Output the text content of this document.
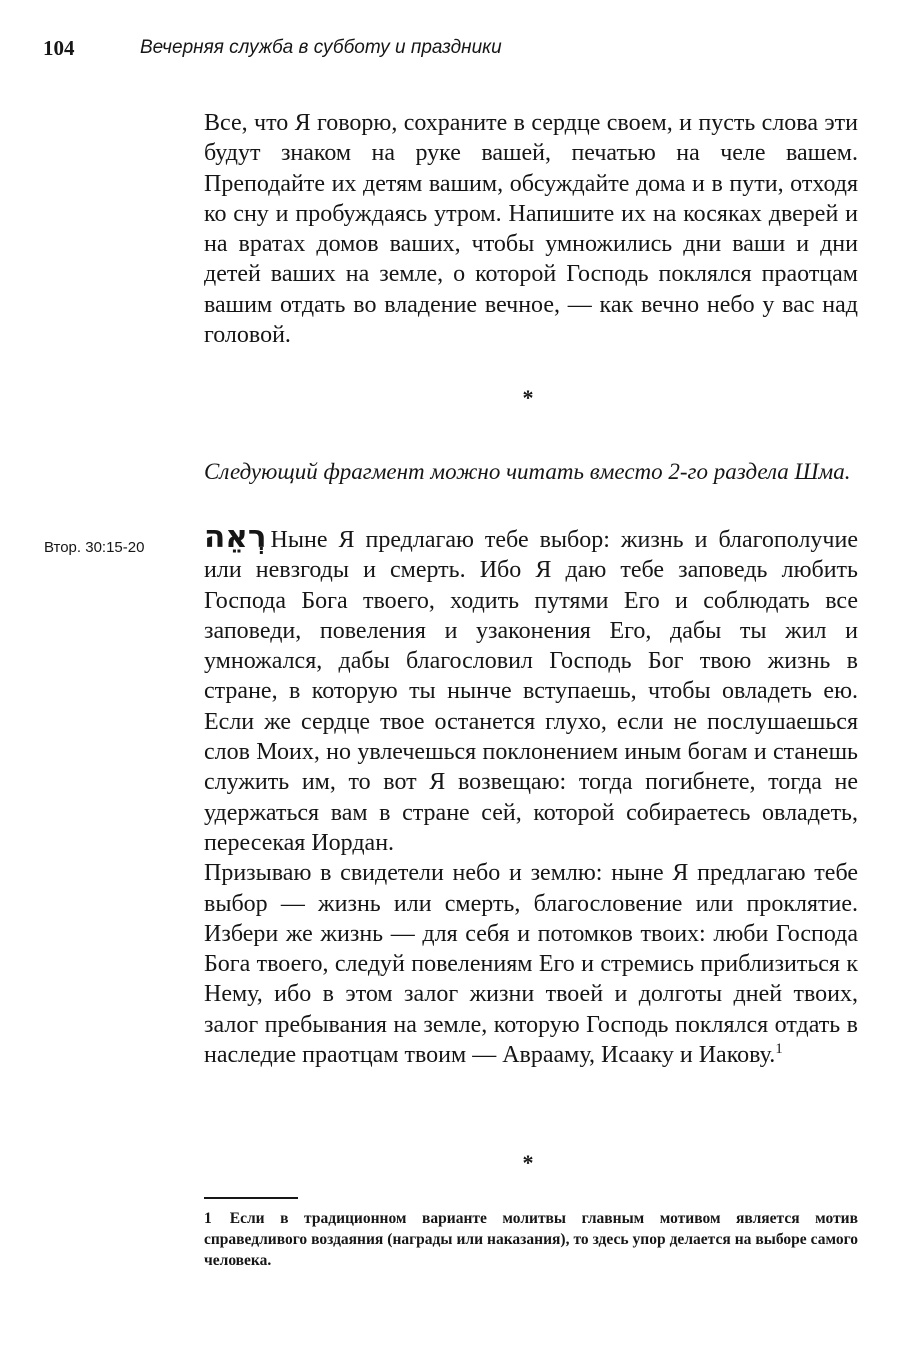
104	Вечерняя служба в субботу и праздники

Все, что Я говорю, сохраните в сердце своем, и пусть слова эти будут знаком на руке вашей, печатью на челе вашем. Преподайте их детям вашим, обсуждайте дома и в пути, отходя ко сну и пробуждаясь утром. Напишите их на косяках дверей и на вратах домов ваших, чтобы умножились дни ваши и дни детей ваших на земле, о которой Господь поклялся праотцам вашим отдать во владение вечное, — как вечно небо у вас над головой.

*

Следующий фрагмент можно читать вместо 2-го раздела Шма.

Втор. 30:15-20 רְאֵה Ныне Я предлагаю тебе выбор: жизнь и благополучие или невзгоды и смерть. Ибо Я даю тебе заповедь любить Господа Бога твоего, ходить путями Его и соблюдать все заповеди, повеления и узаконения Его, дабы ты жил и умножался, дабы благословил Господь Бог твою жизнь в стране, в которую ты нынче вступаешь, чтобы овладеть ею. Если же сердце твое останется глухо, если не послушаешься слов Моих, но увлечешься поклонением иным богам и станешь служить им, то вот Я возвещаю: тогда погибнете, тогда не удержаться вам в стране сей, которой собираетесь овладеть, пересекая Иордан.
Призываю в свидетели небо и землю: ныне Я предлагаю тебе выбор — жизнь или смерть, благословение или проклятие. Избери же жизнь — для себя и потомков твоих: люби Господа Бога твоего, следуй повелениям Его и стремись приблизиться к Нему, ибо в этом залог жизни твоей и долготы дней твоих, залог пребывания на земле, которую Господь поклялся отдать в наследие праотцам твоим — Аврааму, Исааку и Иакову.$^1$
*

1 Если в традиционном варианте молитвы главным мотивом является мотив справедливого воздаяния (награды или наказания), то здесь упор делается на выборе самого человека.
